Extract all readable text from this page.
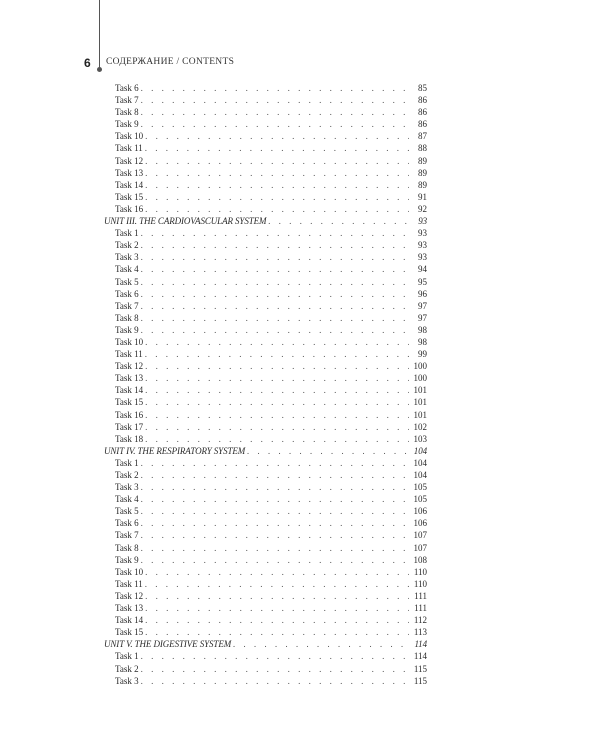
6 СОДЕРЖАНИЕ / CONTENTS
Task 6 . . .	85
Task 7 . . .	86
Task 8 . . .	86
Task 9 . . .	86
Task 10 . . .	87
Task 11 . . .	88
Task 12 . . .	89
Task 13 . . .	89
Task 14 . . .	89
Task 15 . . .	91
Task 16 . . .	92
UNIT III. THE CARDIOVASCULAR SYSTEM . . .	93
Task 1 . . .	93
Task 2 . . .	93
Task 3 . . .	93
Task 4 . . .	94
Task 5 . . .	95
Task 6 . . .	96
Task 7 . . .	97
Task 8 . . .	97
Task 9 . . .	98
Task 10 . . .	98
Task 11 . . .	99
Task 12 . . .	100
Task 13 . . .	100
Task 14 . . .	101
Task 15 . . .	101
Task 16 . . .	101
Task 17 . . .	102
Task 18 . . .	103
UNIT IV. THE RESPIRATORY SYSTEM . . .	104
Task 1 . . .	104
Task 2 . . .	104
Task 3 . . .	105
Task 4 . . .	105
Task 5 . . .	106
Task 6 . . .	106
Task 7 . . .	107
Task 8 . . .	107
Task 9 . . .	108
Task 10 . . .	110
Task 11 . . .	110
Task 12 . . .	111
Task 13 . . .	111
Task 14 . . .	112
Task 15 . . .	113
UNIT V. THE DIGESTIVE SYSTEM . . .	114
Task 1 . . .	114
Task 2 . . .	115
Task 3 . . .	115
